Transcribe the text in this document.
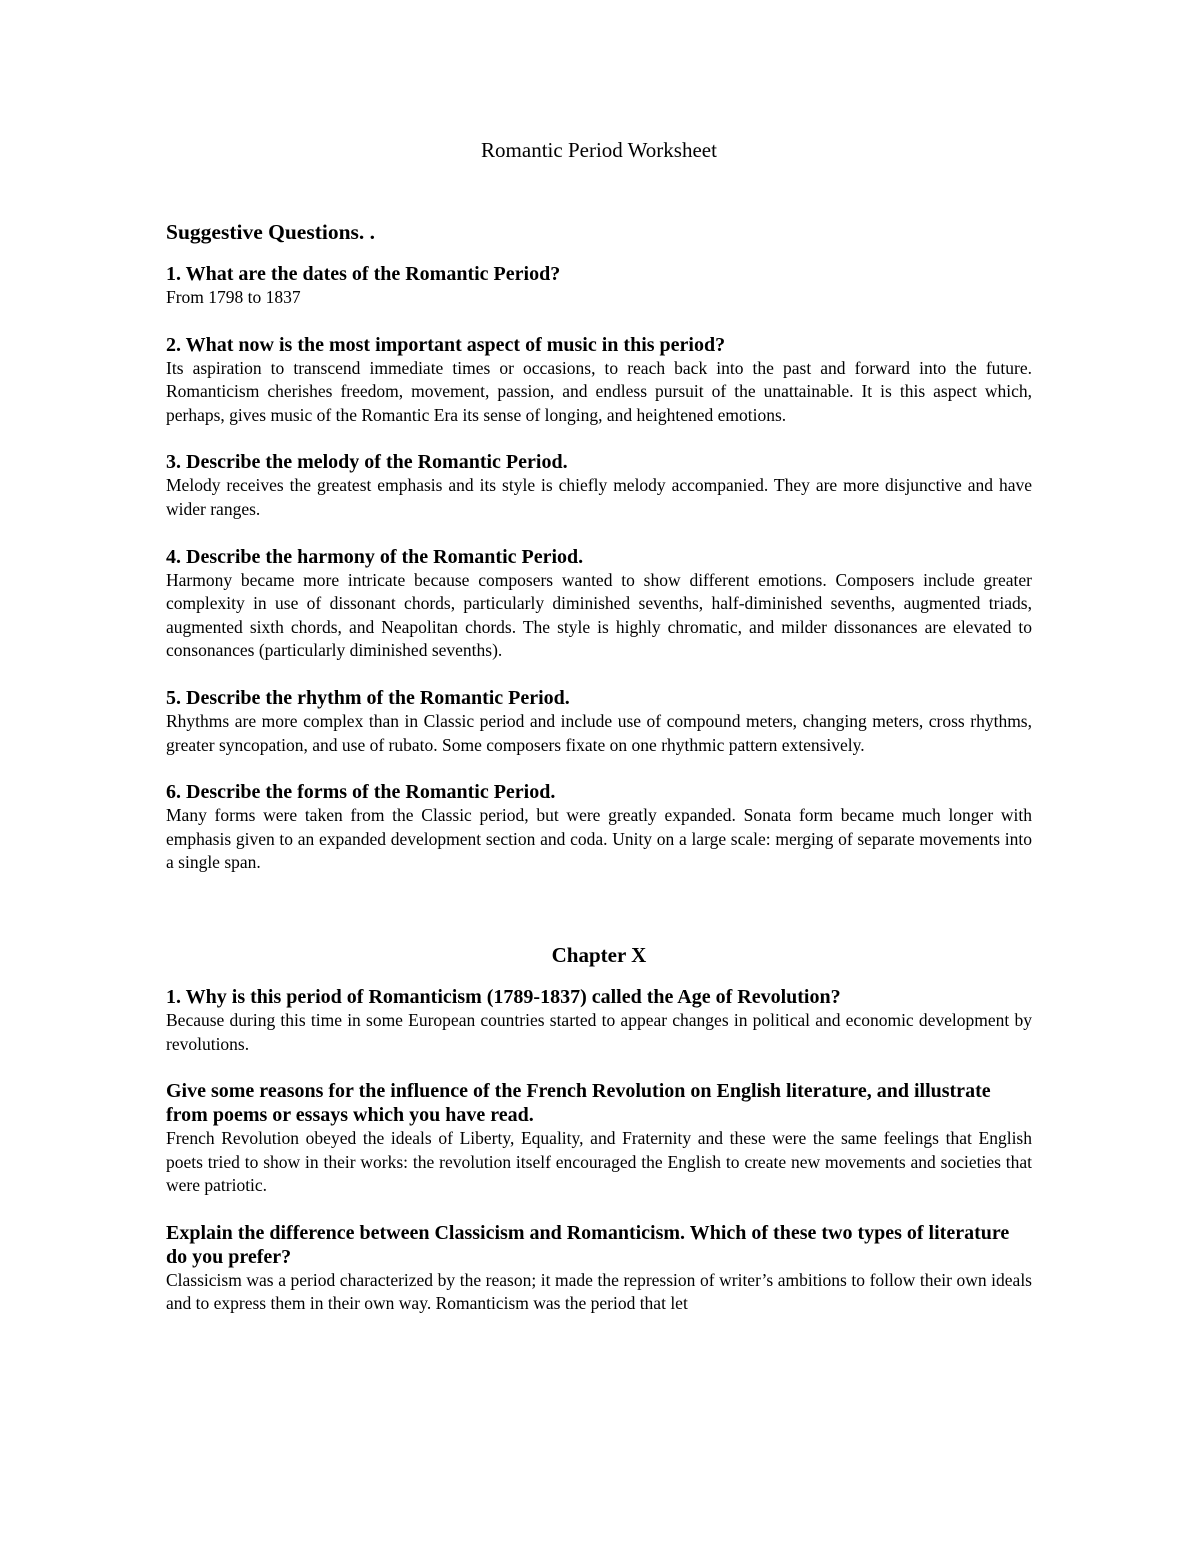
Romantic Period Worksheet

Suggestive Questions. .

1. What are the dates of the Romantic Period?

From 1798 to 1837

2. What now is the most important aspect of music in this period?

Its aspiration to transcend immediate times or occasions, to reach back into the past and forward into the future. Romanticism cherishes freedom, movement, passion, and endless pursuit of the unattainable. It is this aspect which, perhaps, gives music of the Romantic Era its sense of longing, and heightened emotions.

3. Describe the melody of the Romantic Period.

Melody receives the greatest emphasis and its style is chiefly melody accompanied. They are more disjunctive and have wider ranges.

4. Describe the harmony of the Romantic Period.

Harmony became more intricate because composers wanted to show different emotions. Composers include greater complexity in use of dissonant chords, particularly diminished sevenths, half-diminished sevenths, augmented triads, augmented sixth chords, and Neapolitan chords. The style is highly chromatic, and milder dissonances are elevated to consonances (particularly diminished sevenths).

5. Describe the rhythm of the Romantic Period.

Rhythms are more complex than in Classic period and include use of compound meters, changing meters, cross rhythms, greater syncopation, and use of rubato. Some composers fixate on one rhythmic pattern extensively.

6. Describe the forms of the Romantic Period.

Many forms were taken from the Classic period, but were greatly expanded. Sonata form became much longer with emphasis given to an expanded development section and coda. Unity on a large scale: merging of separate movements into a single span.

Chapter X

1. Why is this period of Romanticism (1789-1837) called the Age of Revolution?

Because during this time in some European countries started to appear changes in political and economic development by revolutions.

Give some reasons for the influence of the French Revolution on English literature, and illustrate from poems or essays which you have read.

French Revolution obeyed the ideals of Liberty, Equality, and Fraternity and these were the same feelings that English poets tried to show in their works: the revolution itself encouraged the English to create new movements and societies that were patriotic.

Explain the difference between Classicism and Romanticism. Which of these two types of literature do you prefer?

Classicism was a period characterized by the reason; it made the repression of writer’s ambitions to follow their own ideals and to express them in their own way. Romanticism was the period that let
